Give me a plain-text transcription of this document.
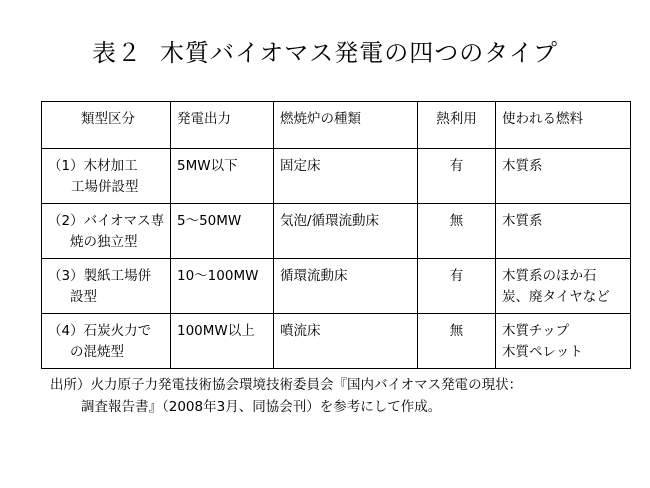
表２ 木質バイオマス発電の四つのタイプ
類型区分	発電出力	燃焼炉の種類	熱利用	使われる燃料

（1）木材加工
工場併設型	5MW以下	固定床	有	木質系

（2）バイオマス専
焼の独立型	5〜50MW	気泡/循環流動床	無	木質系

（3）製紙工場併
設型	10〜100MW	循環流動床	有	木質系のほか石
炭、廃タイヤなど

（4）石炭火力で
の混焼型	100MW以上	噴流床	無	木質チップ
木質ペレット
出所）火力原子力発電技術協会環境技術委員会『国内バイオマス発電の現状：
調査報告書』（2008年3月、同協会刊）を参考にして作成。
